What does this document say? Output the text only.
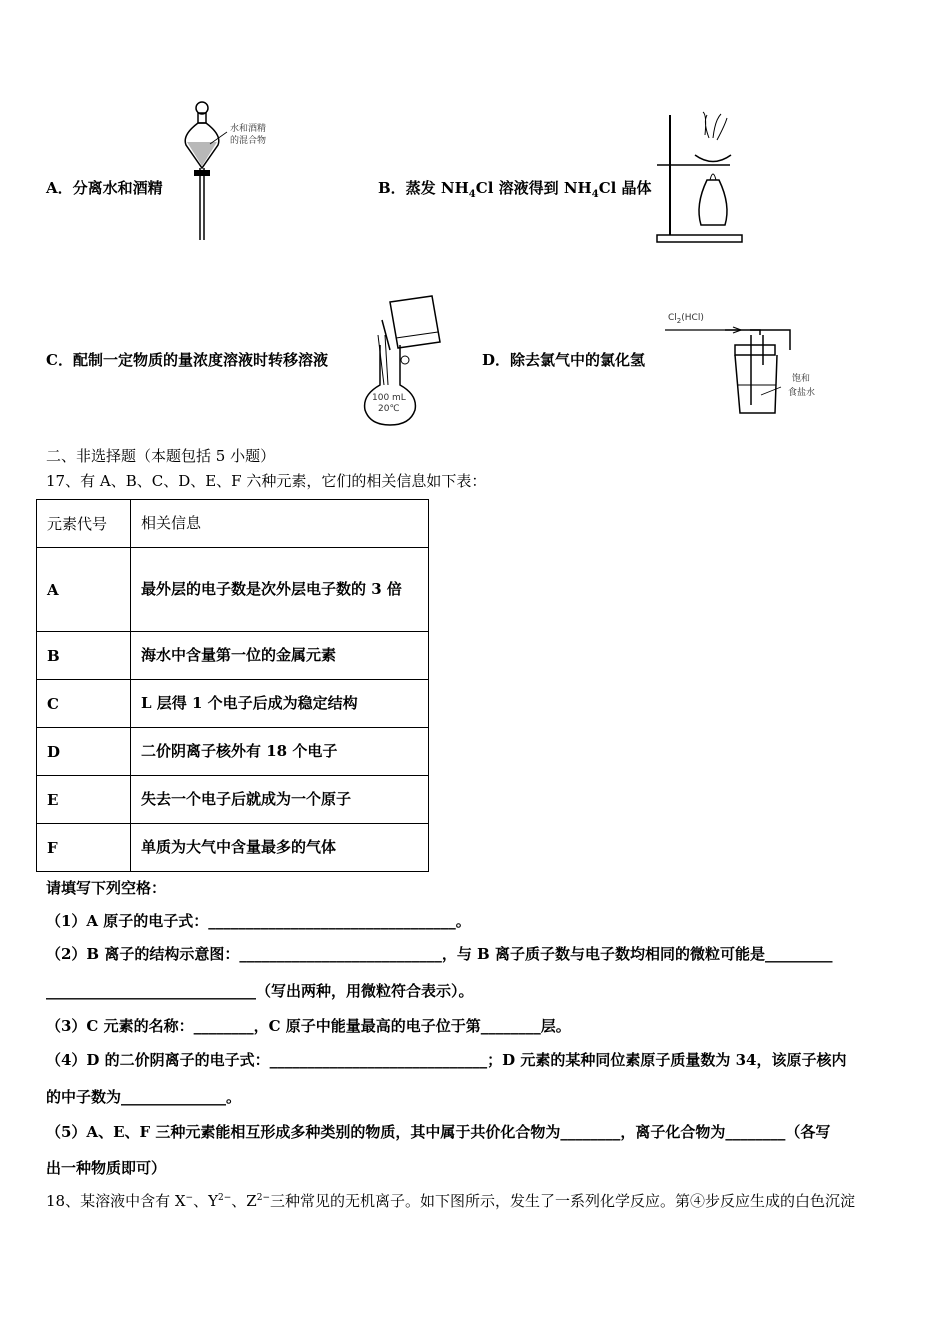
A．分离水和酒精
水和酒精
的混合物
B．蒸发 $NH_4Cl$ 溶液得到 $NH_4Cl$ 晶体
C．配制一定物质的量浓度溶液时转移溶液
100 mL
20℃
D．除去氯气中的氯化氢
$Cl_2(HCl)$
饱和
食盐水
二、非选择题（本题包括 5 小题）
17、有 A、B、C、D、E、F 六种元素，它们的相关信息如下表：
元素代号	相关信息
A	最外层的电子数是次外层电子数的 3 倍
B	海水中含量第一位的金属元素
C	L 层得 1 个电子后成为稳定结构
D	二价阴离子核外有 18 个电子
E	失去一个电子后就成为一个原子
F	单质为大气中含量最多的气体
请填写下列空格：
（1）A 原子的电子式：_________________________________。
（2）B 离子的结构示意图：___________________________，与 B 离子质子数与电子数均相同的微粒可能是_________
____________________________（写出两种，用微粒符合表示）。
（3）C 元素的名称：________，C 原子中能量最高的电子位于第________层。
（4）D 的二价阴离子的电子式：_____________________________；D 元素的某种同位素原子质量数为 34，该原子核内
的中子数为______________。
（5）A、E、F 三种元素能相互形成多种类别的物质，其中属于共价化合物为________，离子化合物为________（各写
出一种物质即可）
18、某溶液中含有 X−、$Y^{2-}$、$Z^{2-}$三种常见的无机离子。如下图所示，发生了一系列化学反应。第④步反应生成的白色沉淀
